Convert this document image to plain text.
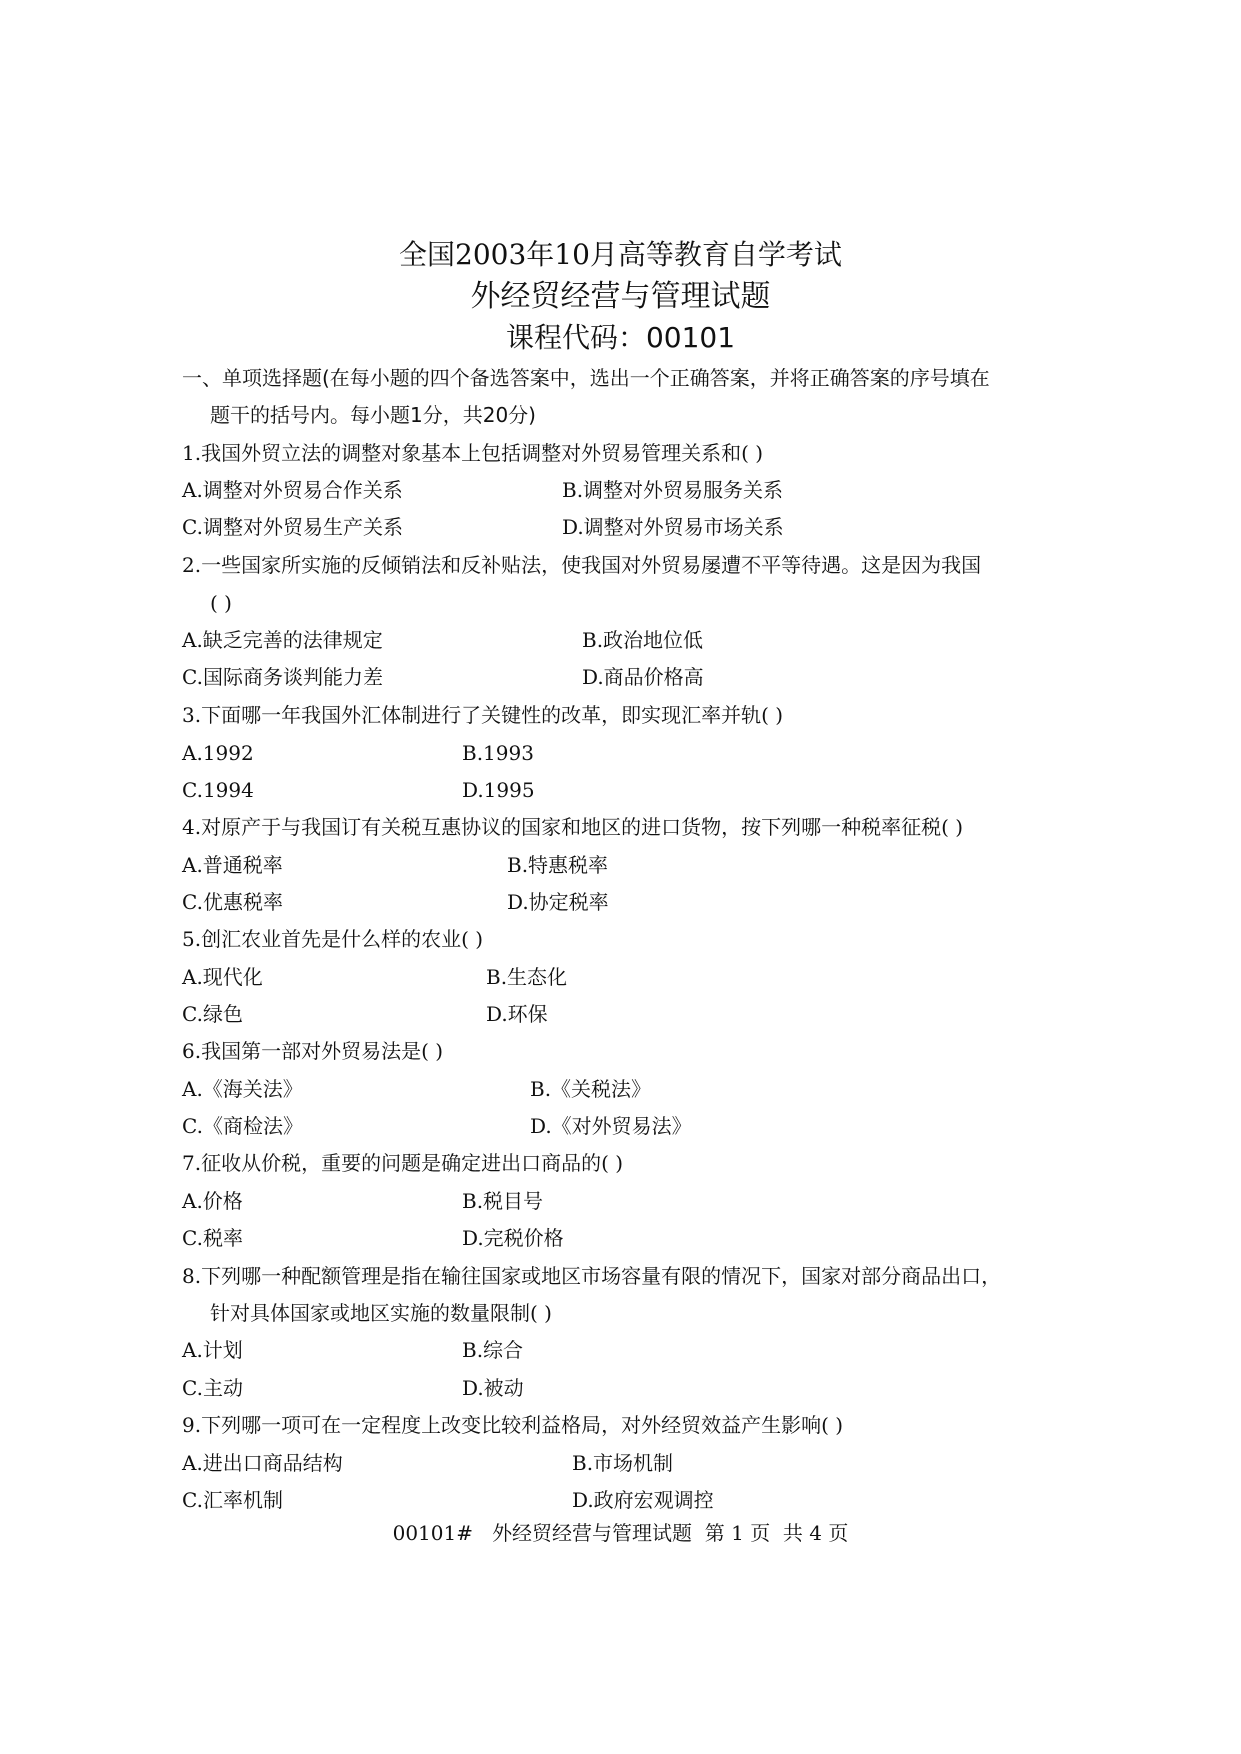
全国2003年10月高等教育自学考试
外经贸经营与管理试题
课程代码：00101
一、单项选择题(在每小题的四个备选答案中，选出一个正确答案，并将正确答案的序号填在
题干的括号内。每小题1分，共20分)
1.我国外贸立法的调整对象基本上包括调整对外贸易管理关系和( )
A.调整对外贸易合作关系	B.调整对外贸易服务关系
C.调整对外贸易生产关系	D.调整对外贸易市场关系
2.一些国家所实施的反倾销法和反补贴法，使我国对外贸易屡遭不平等待遇。这是因为我国
( )
A.缺乏完善的法律规定	B.政治地位低
C.国际商务谈判能力差	D.商品价格高
3.下面哪一年我国外汇体制进行了关键性的改革，即实现汇率并轨( )
A.1992	B.1993
C.1994	D.1995
4.对原产于与我国订有关税互惠协议的国家和地区的进口货物，按下列哪一种税率征税( )
A.普通税率	B.特惠税率
C.优惠税率	D.协定税率
5.创汇农业首先是什么样的农业( )
A.现代化	B.生态化
C.绿色	D.环保
6.我国第一部对外贸易法是( )
A.《海关法》	B.《关税法》
C.《商检法》	D.《对外贸易法》
7.征收从价税，重要的问题是确定进出口商品的( )
A.价格	B.税目号
C.税率	D.完税价格
8.下列哪一种配额管理是指在输往国家或地区市场容量有限的情况下，国家对部分商品出口，
针对具体国家或地区实施的数量限制( )
A.计划	B.综合
C.主动	D.被动
9.下列哪一项可在一定程度上改变比较利益格局，对外经贸效益产生影响( )
A.进出口商品结构	B.市场机制
C.汇率机制	D.政府宏观调控
00101#   外经贸经营与管理试题  第 1 页  共 4 页
